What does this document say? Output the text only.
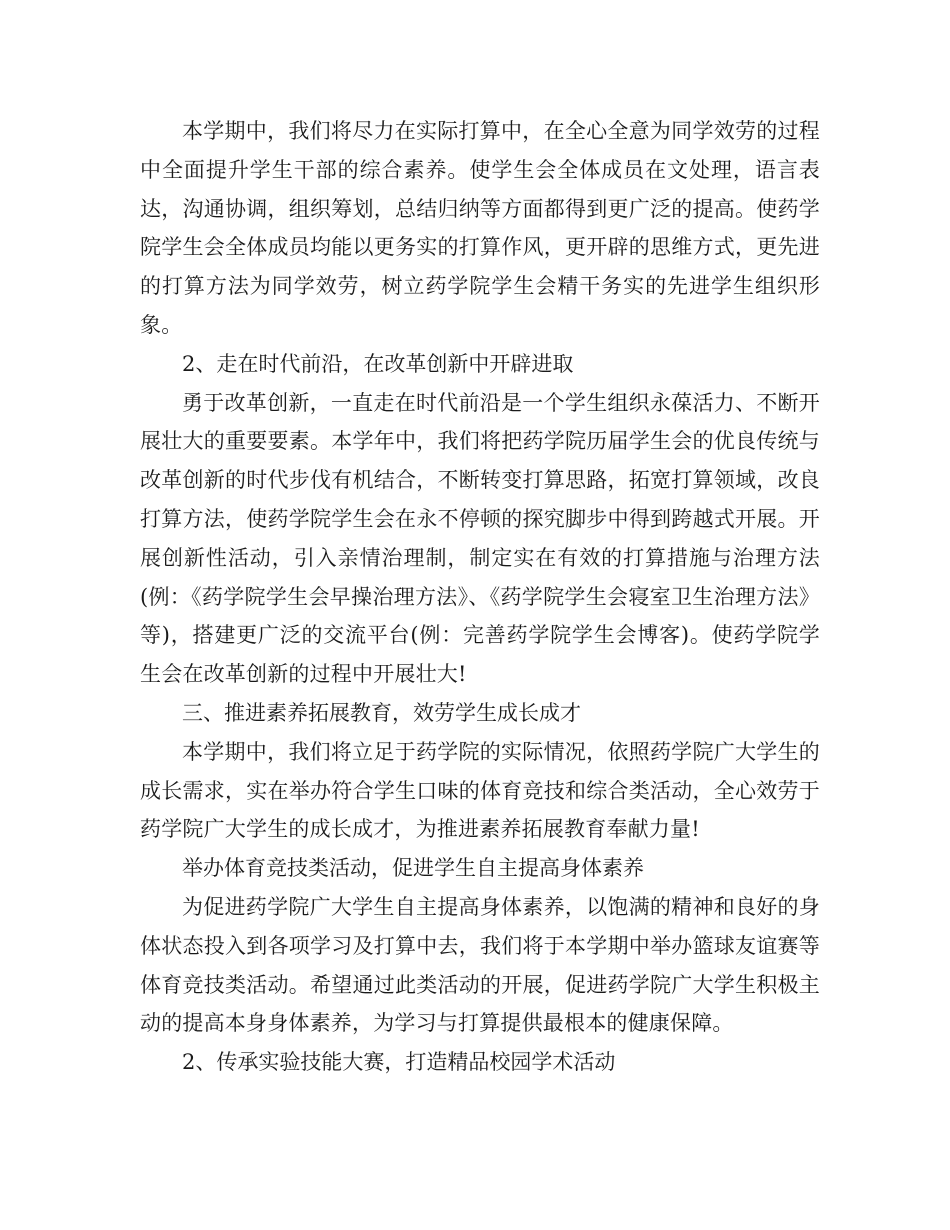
本学期中，我们将尽力在实际打算中，在全心全意为同学效劳的过程中全面提升学生干部的综合素养。使学生会全体成员在文处理，语言表达，沟通协调，组织筹划，总结归纳等方面都得到更广泛的提高。使药学院学生会全体成员均能以更务实的打算作风，更开辟的思维方式，更先进的打算方法为同学效劳，树立药学院学生会精干务实的先进学生组织形象。

2、走在时代前沿，在改革创新中开辟进取

勇于改革创新，一直走在时代前沿是一个学生组织永葆活力、不断开展壮大的重要要素。本学年中，我们将把药学院历届学生会的优良传统与改革创新的时代步伐有机结合，不断转变打算思路，拓宽打算领域，改良打算方法，使药学院学生会在永不停顿的探究脚步中得到跨越式开展。开展创新性活动，引入亲情治理制，制定实在有效的打算措施与治理方法(例：《药学院学生会早操治理方法》、《药学院学生会寝室卫生治理方法》等)，搭建更广泛的交流平台(例：完善药学院学生会博客)。使药学院学生会在改革创新的过程中开展壮大!

三、推进素养拓展教育，效劳学生成长成才

本学期中，我们将立足于药学院的实际情况，依照药学院广大学生的成长需求，实在举办符合学生口味的体育竞技和综合类活动，全心效劳于药学院广大学生的成长成才，为推进素养拓展教育奉献力量!

举办体育竞技类活动，促进学生自主提高身体素养

为促进药学院广大学生自主提高身体素养，以饱满的精神和良好的身体状态投入到各项学习及打算中去，我们将于本学期中举办篮球友谊赛等体育竞技类活动。希望通过此类活动的开展，促进药学院广大学生积极主动的提高本身身体素养，为学习与打算提供最根本的健康保障。

2、传承实验技能大赛，打造精品校园学术活动
